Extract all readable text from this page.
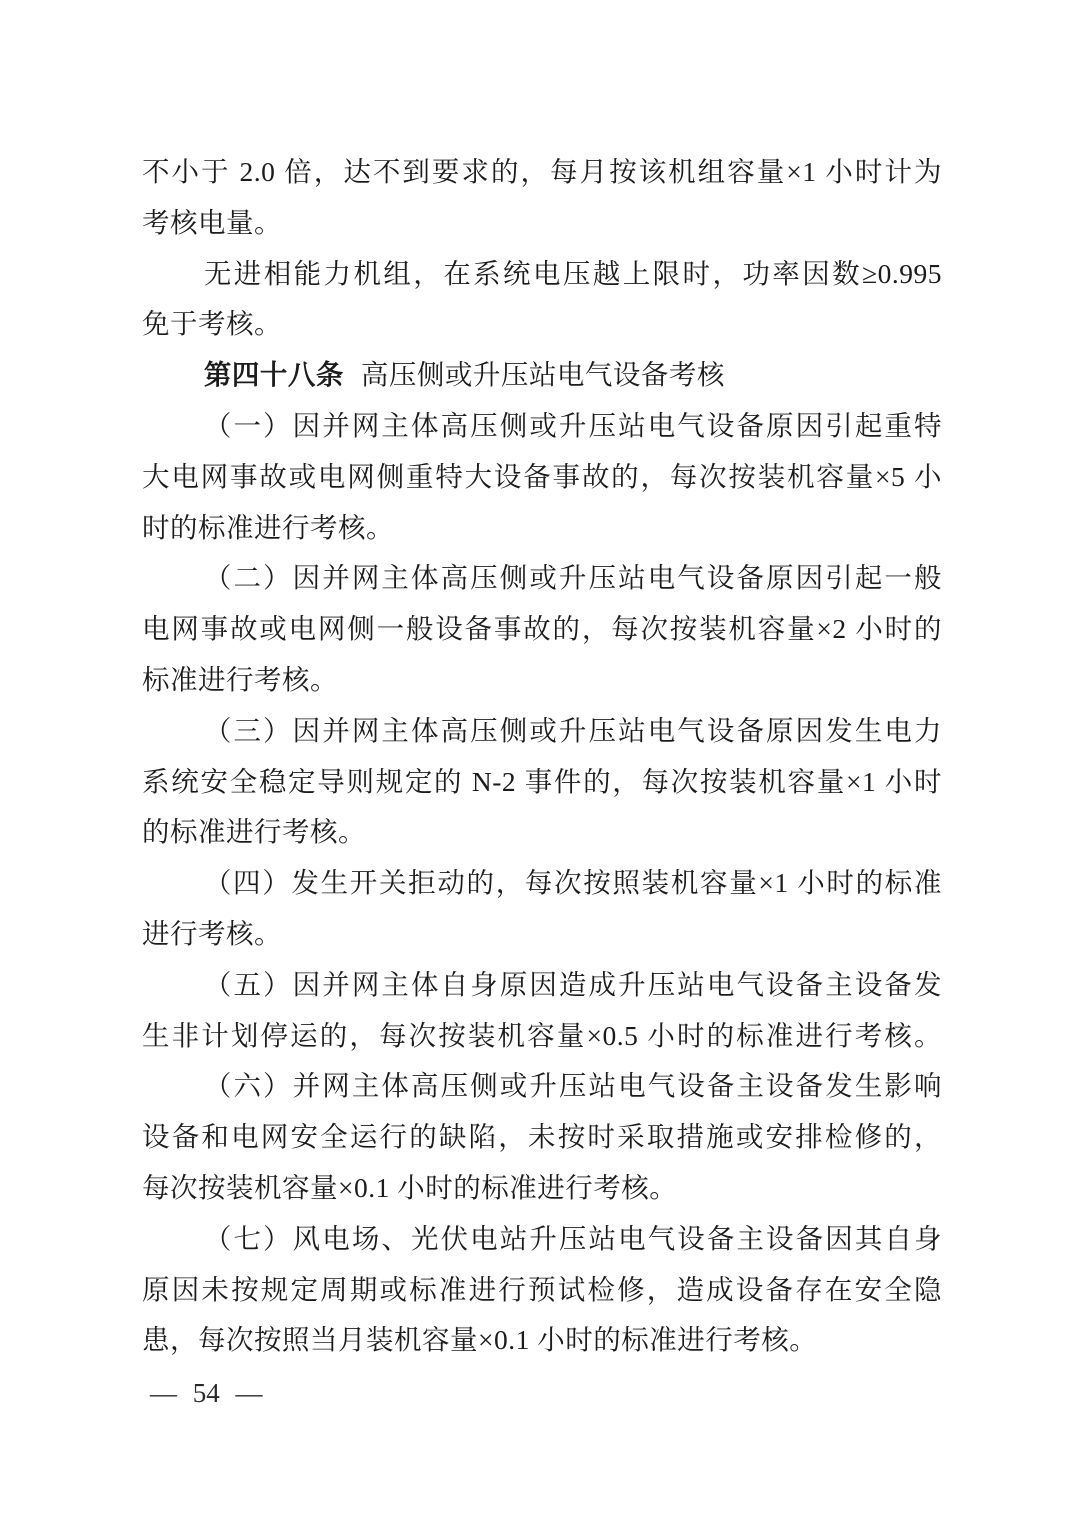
不小于 2.0 倍，达不到要求的，每月按该机组容量×1 小时计为
考核电量。
无进相能力机组，在系统电压越上限时，功率因数≥0.995
免于考核。
第四十八条 高压侧或升压站电气设备考核
（一）因并网主体高压侧或升压站电气设备原因引起重特
大电网事故或电网侧重特大设备事故的，每次按装机容量×5 小
时的标准进行考核。
（二）因并网主体高压侧或升压站电气设备原因引起一般
电网事故或电网侧一般设备事故的，每次按装机容量×2 小时的
标准进行考核。
（三）因并网主体高压侧或升压站电气设备原因发生电力
系统安全稳定导则规定的 N-2 事件的，每次按装机容量×1 小时
的标准进行考核。
（四）发生开关拒动的，每次按照装机容量×1 小时的标准
进行考核。
（五）因并网主体自身原因造成升压站电气设备主设备发
生非计划停运的，每次按装机容量×0.5 小时的标准进行考核。
（六）并网主体高压侧或升压站电气设备主设备发生影响
设备和电网安全运行的缺陷，未按时采取措施或安排检修的，
每次按装机容量×0.1 小时的标准进行考核。
（七）风电场、光伏电站升压站电气设备主设备因其自身
原因未按规定周期或标准进行预试检修，造成设备存在安全隐
患，每次按照当月装机容量×0.1 小时的标准进行考核。
— 54 —
